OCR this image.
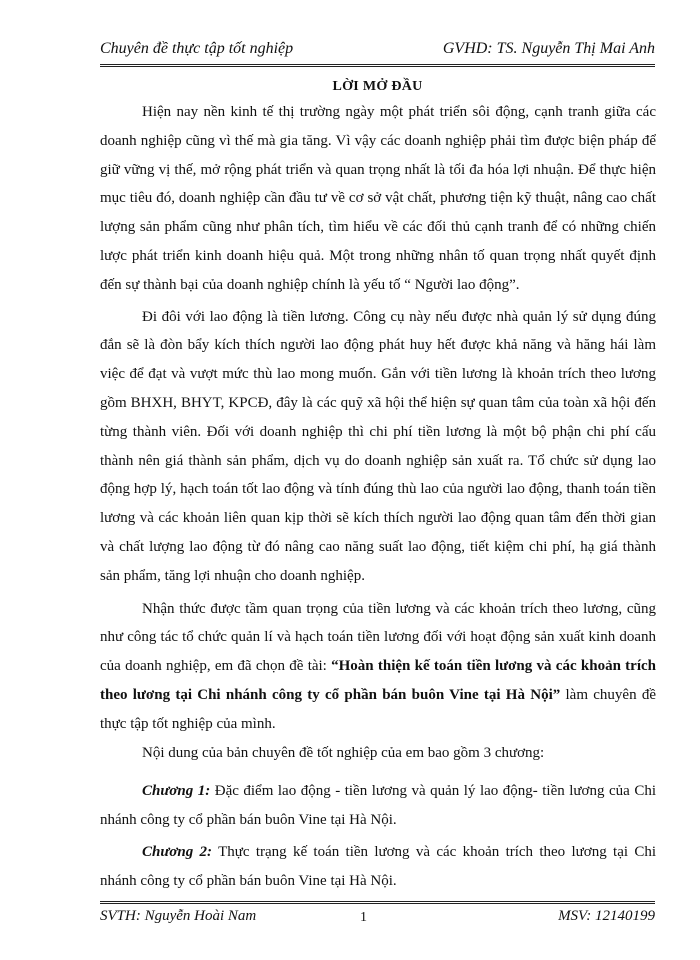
Chuyên đề thực tập tốt nghiệp	GVHD: TS. Nguyễn Thị Mai Anh
LỜI MỞ ĐẦU

Hiện nay nền kinh tế thị trường ngày một phát triển sôi động, cạnh tranh giữa các doanh nghiệp cũng vì thế mà gia tăng. Vì vậy các doanh nghiệp phải tìm được biện pháp để giữ vững vị thế, mở rộng phát triển và quan trọng nhất là tối đa hóa lợi nhuận. Để thực hiện mục tiêu đó, doanh nghiệp cần đầu tư về cơ sở vật chất, phương tiện kỹ thuật, nâng cao chất lượng sản phẩm cũng như phân tích, tìm hiểu về các đối thủ cạnh tranh để có những chiến lược phát triển kinh doanh hiệu quả. Một trong những nhân tố quan trọng nhất quyết định đến sự thành bại của doanh nghiệp chính là yếu tố “ Người lao động”.

Đi đôi với lao động là tiền lương. Công cụ này nếu được nhà quản lý sử dụng đúng đắn sẽ là đòn bẩy kích thích người lao động phát huy hết được khả năng và hăng hái làm việc để đạt và vượt mức thù lao mong muốn. Gắn với tiền lương là khoản trích theo lương gồm BHXH, BHYT, KPCĐ, đây là các quỹ xã hội thể hiện sự quan tâm của toàn xã hội đến từng thành viên. Đối với doanh nghiệp thì chi phí tiền lương là một bộ phận chi phí cấu thành nên giá thành sản phẩm, dịch vụ do doanh nghiệp sản xuất ra. Tổ chức sử dụng lao động hợp lý, hạch toán tốt lao động và tính đúng thù lao của người lao động, thanh toán tiền lương và các khoản liên quan kịp thời sẽ kích thích người lao động quan tâm đến thời gian và chất lượng lao động từ đó nâng cao năng suất lao động, tiết kiệm chi phí, hạ giá thành sản phẩm, tăng lợi nhuận cho doanh nghiệp.

Nhận thức được tầm quan trọng của tiền lương và các khoản trích theo lương, cũng như công tác tổ chức quản lí và hạch toán tiền lương đối với hoạt động sản xuất kinh doanh của doanh nghiệp, em đã chọn đề tài: “Hoàn thiện kế toán tiền lương và các khoản trích theo lương tại Chi nhánh công ty cổ phần bán buôn Vine tại Hà Nội” làm chuyên đề thực tập tốt nghiệp của mình.

Nội dung của bản chuyên đề tốt nghiệp của em bao gồm 3 chương:

Chương 1: Đặc điểm lao động - tiền lương và quản lý lao động- tiền lương của Chi nhánh công ty cổ phần bán buôn Vine tại Hà Nội.

Chương 2: Thực trạng kế toán tiền lương và các khoản trích theo lương tại Chi nhánh công ty cổ phần bán buôn Vine tại Hà Nội.

SVTH: Nguyễn Hoài Nam	1	MSV: 12140199
